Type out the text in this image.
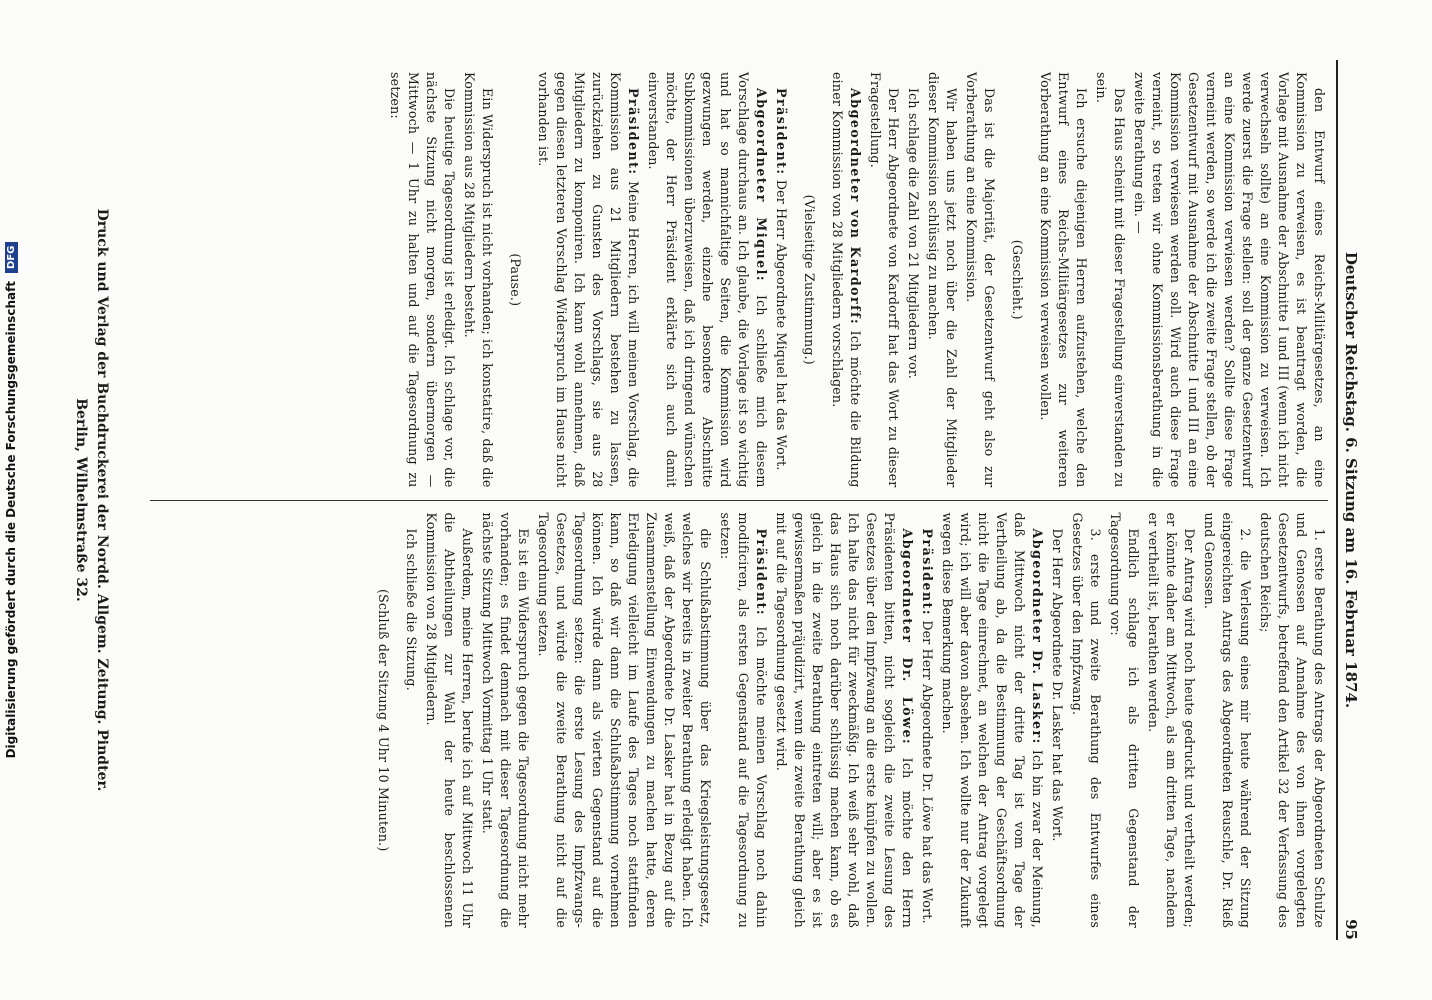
Deutscher Reichstag. 6. Sitzung am 16. Februar 1874.
95

den Entwurf eines Reichs-Militärgesetzes, an eine Kommission zu verweisen, es ist beantragt worden, die Vorlage mit Ausnahme der Abschnitte I und III (wenn ich nicht verwechseln sollte) an eine Kommission zu verweisen. Ich werde zuerst die Frage stellen: soll der ganze Gesetzentwurf an eine Kommission verwiesen werden? Sollte diese Frage verneint werden, so werde ich die zweite Frage stellen, ob der Gesetzentwurf mit Ausnahme der Abschnitte I und III an eine Kommission verwiesen werden soll. Wird auch diese Frage verneint, so treten wir ohne Kommissionsberathung in die zweite Berathung ein. —

Das Haus scheint mit dieser Fragestellung einverstanden zu sein.

Ich ersuche diejenigen Herren aufzustehen, welche den Entwurf eines Reichs-Militärgesetzes zur weiteren Vorberathung an eine Kommission verweisen wollen.

(Geschieht.)

Das ist die Majorität, der Gesetzentwurf geht also zur Vorberathung an eine Kommission.

Wir haben uns jetzt noch über die Zahl der Mitglieder dieser Kommission schlüssig zu machen.

Ich schlage die Zahl von 21 Mitgliedern vor.

Der Herr Abgeordnete von Kardorff hat das Wort zu dieser Fragestellung.

Abgeordneter von Kardorff: Ich möchte die Bildung einer Kommission von 28 Mitgliedern vorschlagen.

(Vielseitige Zustimmung.)

Präsident: Der Herr Abgeordnete Miquel hat das Wort.

Abgeordneter Miquel: Ich schließe mich diesem Vorschlage durchaus an. Ich glaube, die Vorlage ist so wichtig und hat so mannichfaltige Seiten, die Kommission wird gezwungen werden, einzelne besondere Abschnitte Subkommissionen überzuweisen, daß ich dringend wünschen möchte, der Herr Präsident erklärte sich auch damit einverstanden.

Präsident: Meine Herren, ich will meinen Vorschlag, die Kommission aus 21 Mitgliedern bestehen zu lassen, zurückziehen zu Gunsten des Vorschlags, sie aus 28 Mitgliedern zu komponiren. Ich kann wohl annehmen, daß gegen diesen letzteren Vorschlag Widerspruch im Hause nicht vorhanden ist.

(Pause.)

Ein Widerspruch ist nicht vorhanden; ich konstatire, daß die Kommission aus 28 Mitgliedern besteht.

Die heutige Tagesordnung ist erledigt. Ich schlage vor, die nächste Sitzung nicht morgen, sondern übermorgen — Mittwoch — 1 Uhr zu halten und auf die Tagesordnung zu setzen:

1. erste Berathung des Antrags der Abgeordneten Schulze und Genossen auf Annahme des von ihnen vorgelegten Gesetzentwurfs, betreffend den Artikel 32 der Verfassung des deutschen Reichs;

2. die Verlesung eines mir heute während der Sitzung eingereichten Antrags des Abgeordneten Reuschle, Dr. Rieß und Genossen.

Der Antrag wird noch heute gedruckt und vertheilt werden; er könnte daher am Mittwoch, als am dritten Tage, nachdem er vertheilt ist, berathen werden.

Endlich schlage ich als dritten Gegenstand der Tagesordnung vor:

3. erste und zweite Berathung des Entwurfes eines Gesetzes über den Impfzwang.

Der Herr Abgeordnete Dr. Lasker hat das Wort.

Abgeordneter Dr. Lasker: Ich bin zwar der Meinung, daß Mittwoch nicht der dritte Tag ist vom Tage der Vertheilung ab, da die Bestimmung der Geschäftsordnung nicht die Tage einrechnet, an welchen der Antrag vorgelegt wird; ich will aber davon absehen. Ich wollte nur der Zukunft wegen diese Bemerkung machen.

Präsident: Der Herr Abgeordnete Dr. Löwe hat das Wort.

Abgeordneter Dr. Löwe: Ich möchte den Herrn Präsidenten bitten, nicht sogleich die zweite Lesung des Gesetzes über den Impfzwang an die erste knüpfen zu wollen. Ich halte das nicht für zweckmäßig. Ich weiß sehr wohl, daß das Haus sich noch darüber schlüssig machen kann, ob es gleich in die zweite Berathung eintreten will; aber es ist gewissermaßen präjudizirt, wenn die zweite Berathung gleich mit auf die Tagesordnung gesetzt wird.

Präsident: Ich möchte meinen Vorschlag noch dahin modificiren, als ersten Gegenstand auf die Tagesordnung zu setzen:

die Schlußabstimmung über das Kriegsleistungsgesetz, welches wir bereits in zweiter Berathung erledigt haben. Ich weiß, daß der Abgeordnete Dr. Lasker hat in Bezug auf die Zusammenstellung Einwendungen zu machen hatte, deren Erledigung vielleicht im Laufe des Tages noch stattfinden kann, so daß wir dann die Schlußabstimmung vornehmen können. Ich würde dann als vierten Gegenstand auf die Tagesordnung setzen: die erste Lesung des Impfzwangs-Gesetzes, und würde die zweite Berathung nicht auf die Tagesordnung setzen.

Es ist ein Widerspruch gegen die Tagesordnung nicht mehr vorhanden; es findet demnach mit dieser Tagesordnung die nächste Sitzung Mittwoch Vormittag 1 Uhr statt.

Außerdem, meine Herren, berufe ich auf Mittwoch 11 Uhr die Abtheilungen zur Wahl der heute beschlossenen Kommission von 28 Mitgliedern.

Ich schließe die Sitzung.

(Schluß der Sitzung 4 Uhr 10 Minuten.)

Druck und Verlag der Buchdruckerei der Nordd. Allgem. Zeitung. Pindter.
Berlin, Wilhelmstraße 32.
Digitalisierung gefördert durch die Deutsche Forschungsgemeinschaft
DFG
